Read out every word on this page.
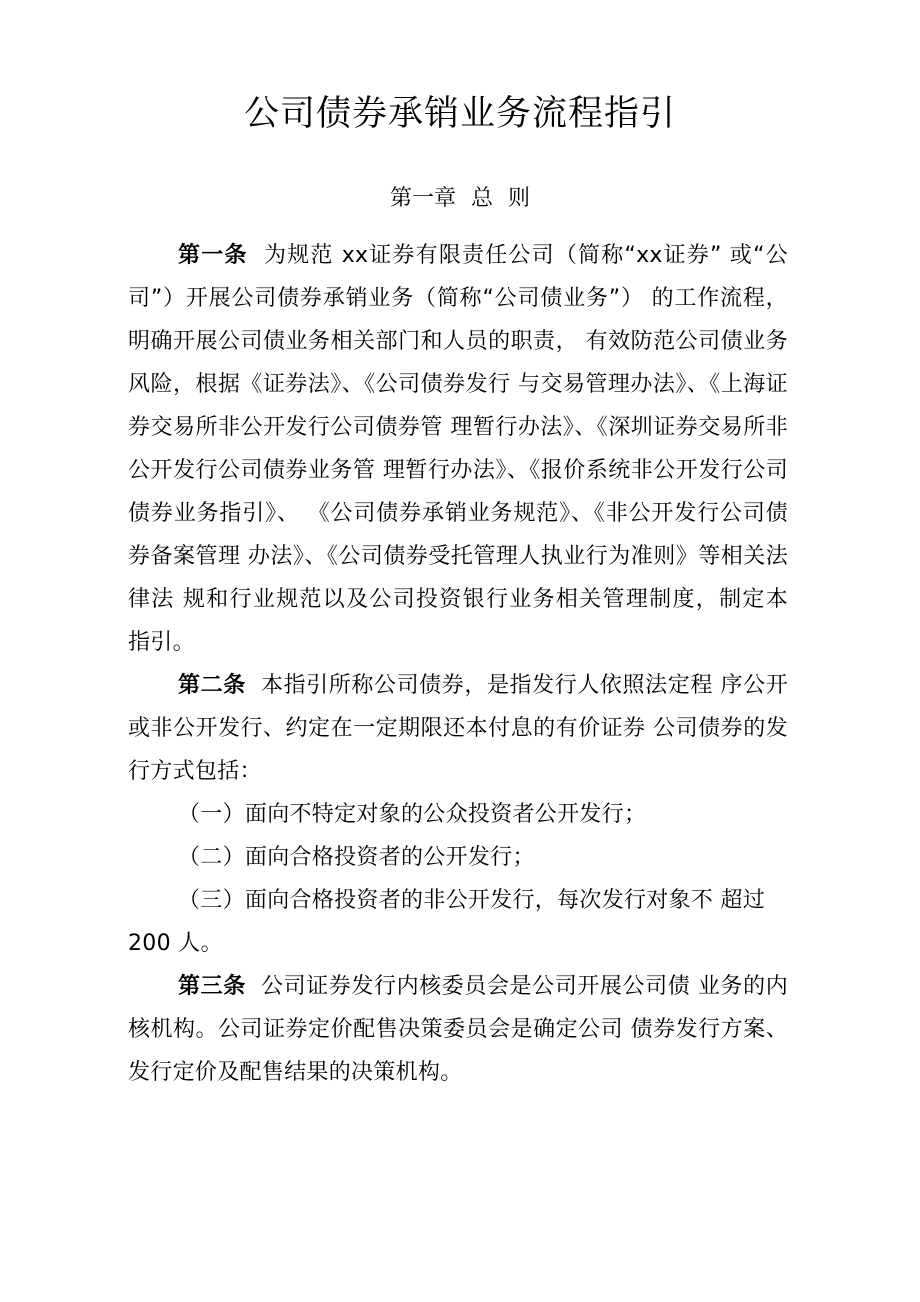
公司债券承销业务流程指引
第一章 总 则

第一条 为规范 xx证券有限责任公司（简称“xx证券” 或“公司”）开展公司债券承销业务（简称“公司债业务”） 的工作流程，明确开展公司债业务相关部门和人员的职责， 有效防范公司债业务风险，根据《证券法》、《公司债券发行 与交易管理办法》、《上海证券交易所非公开发行公司债券管 理暂行办法》、《深圳证券交易所非公开发行公司债券业务管 理暂行办法》、《报价系统非公开发行公司债券业务指引》、 《公司债券承销业务规范》、《非公开发行公司债券备案管理 办法》、《公司债券受托管理人执业行为准则》等相关法律法 规和行业规范以及公司投资银行业务相关管理制度，制定本 指引。

第二条 本指引所称公司债券，是指发行人依照法定程 序公开或非公开发行、约定在一定期限还本付息的有价证券 公司债券的发行方式包括：

（一）面向不特定对象的公众投资者公开发行；

（二）面向合格投资者的公开发行；

（三）面向合格投资者的非公开发行，每次发行对象不 超过 200 人。

第三条 公司证券发行内核委员会是公司开展公司债 业务的内核机构。公司证券定价配售决策委员会是确定公司 债券发行方案、发行定价及配售结果的决策机构。
